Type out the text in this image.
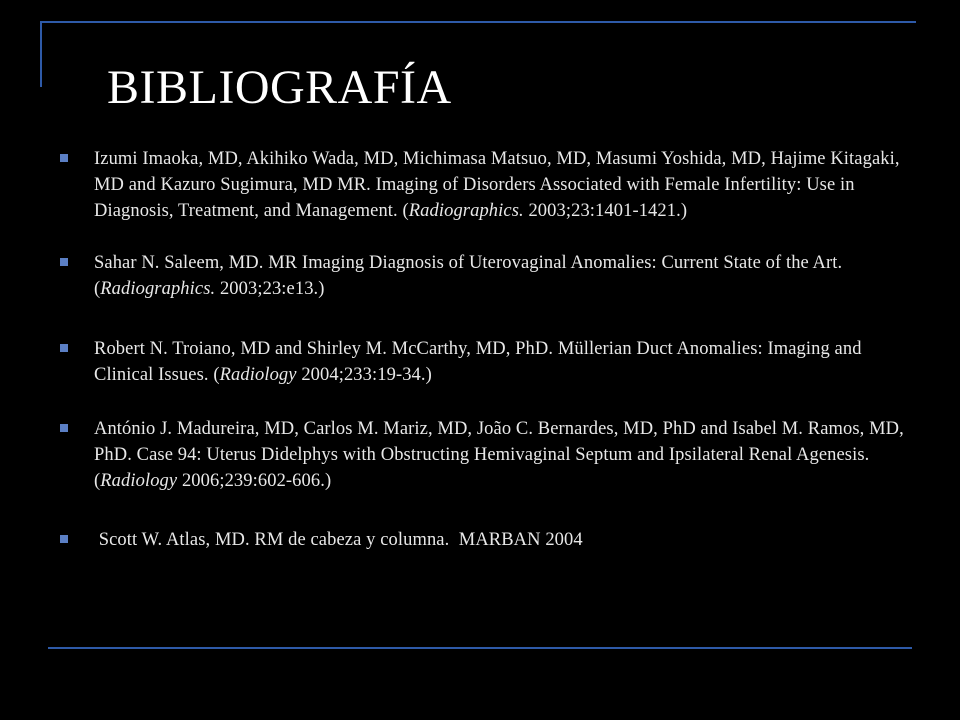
BIBLIOGRAFÍA
Izumi Imaoka, MD, Akihiko Wada, MD, Michimasa Matsuo, MD, Masumi Yoshida, MD, Hajime Kitagaki, MD and Kazuro Sugimura, MD MR. Imaging of Disorders Associated with Female Infertility: Use in Diagnosis, Treatment, and Management. (Radiographics. 2003;23:1401-1421.)
Sahar N. Saleem, MD. MR Imaging Diagnosis of Uterovaginal Anomalies: Current State of the Art. (Radiographics. 2003;23:e13.)
Robert N. Troiano, MD and Shirley M. McCarthy, MD, PhD. Müllerian Duct Anomalies: Imaging and Clinical Issues. (Radiology 2004;233:19-34.)
António J. Madureira, MD, Carlos M. Mariz, MD, João C. Bernardes, MD, PhD and Isabel M. Ramos, MD, PhD. Case 94: Uterus Didelphys with Obstructing Hemivaginal Septum and Ipsilateral Renal Agenesis. (Radiology 2006;239:602-606.)
Scott W. Atlas, MD. RM de cabeza y columna.  MARBAN 2004
